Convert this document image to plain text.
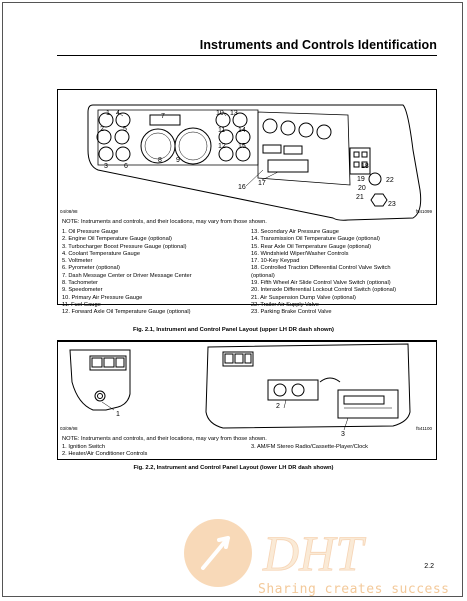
Instruments and Controls Identification
1 4
2	5
3 6
7
8 9
10 13
11 14
12 15
16
17
18
19
20
21
22
23
04/08/98	f541099
NOTE: Instruments and controls, and their locations, may vary from those shown.
1. Oil Pressure Gauge
2. Engine Oil Temperature Gauge (optional)
3. Turbocharger Boost Pressure Gauge (optional)
4. Coolant Temperature Gauge
5. Voltmeter
6. Pyrometer (optional)
7. Dash Message Center or Driver Message Center
8. Tachometer
9. Speedometer
10. Primary Air Pressure Gauge
11. Fuel Gauge
12. Forward Axle Oil Temperature Gauge (optional)
13. Secondary Air Pressure Gauge
14. Transmission Oil Temperature Gauge (optional)
15. Rear Axle Oil Temperature Gauge (optional)
16. Windshield Wiper/Washer Controls
17. 10-Key Keypad
18. Controlled Traction Differential Control Valve Switch
(optional)
19. Fifth Wheel Air Slide Control Valve Switch (optional)
20. Interaxle Differential Lockout Control Switch (optional)
21. Air Suspension Dump Valve (optional)
22. Trailer Air Supply Valve
23. Parking Brake Control Valve
Fig. 2.1, Instrument and Control Panel Layout (upper LH DR dash shown)
1
2
3
03/09/98	f541100
NOTE: Instruments and controls, and their locations, may vary from those shown.
1. Ignition Switch
2. Heater/Air Conditioner Controls
3. AM/FM Stereo Radio/Cassette-Player/Clock
Fig. 2.2, Instrument and Control Panel Layout (lower LH DR dash shown)
DHT
Sharing creates success
2.2
